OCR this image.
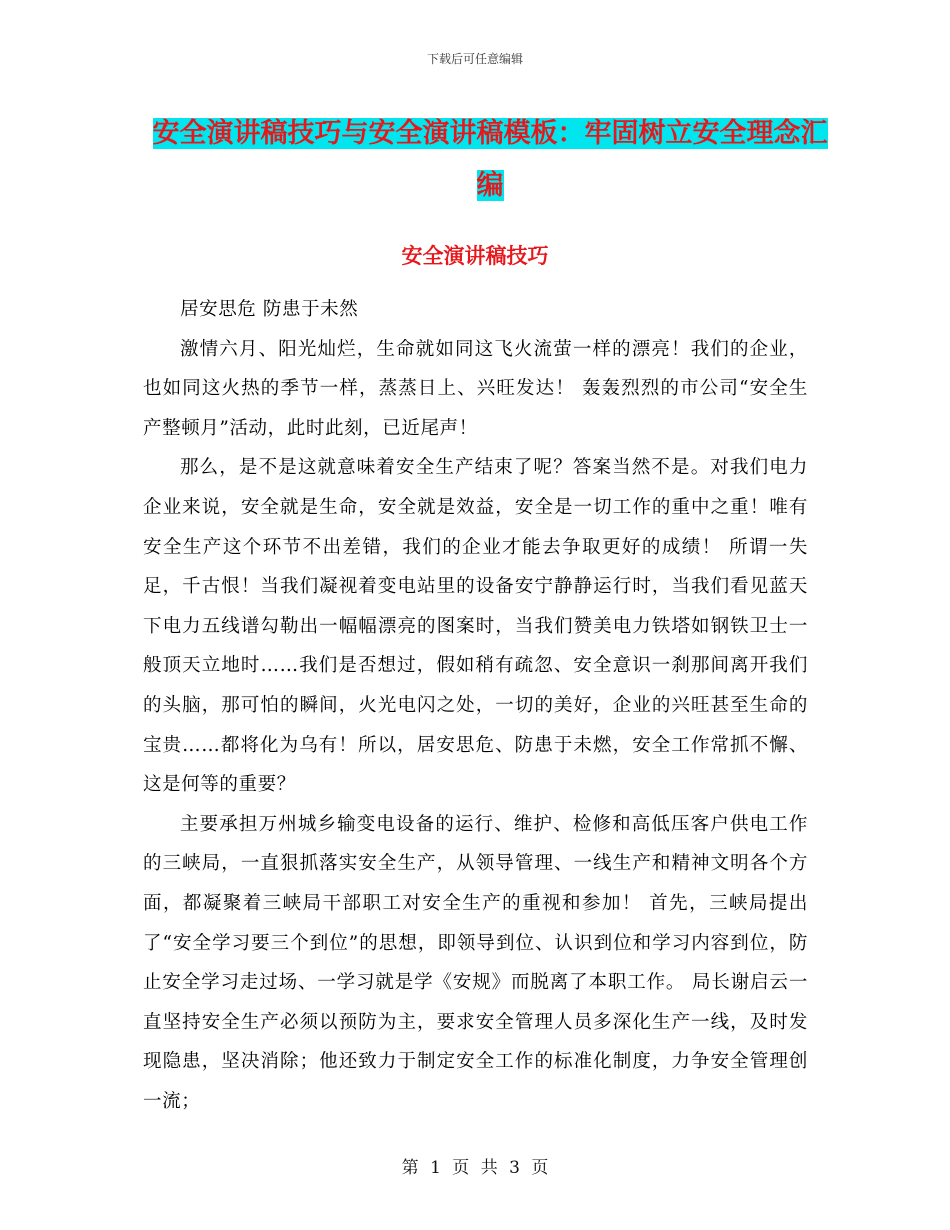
下载后可任意编辑
安全演讲稿技巧与安全演讲稿模板：牢固树立安全理念汇编
安全演讲稿技巧

居安思危 防患于未然

激情六月、阳光灿烂，生命就如同这飞火流萤一样的漂亮！我们的企业，也如同这火热的季节一样，蒸蒸日上、兴旺发达！ 轰轰烈烈的市公司“安全生产整顿月”活动，此时此刻，已近尾声！

那么，是不是这就意味着安全生产结束了呢？答案当然不是。对我们电力企业来说，安全就是生命，安全就是效益，安全是一切工作的重中之重！唯有安全生产这个环节不出差错，我们的企业才能去争取更好的成绩！ 所谓一失足，千古恨！当我们凝视着变电站里的设备安宁静静运行时，当我们看见蓝天下电力五线谱勾勒出一幅幅漂亮的图案时，当我们赞美电力铁塔如钢铁卫士一般顶天立地时……我们是否想过，假如稍有疏忽、安全意识一刹那间离开我们的头脑，那可怕的瞬间，火光电闪之处，一切的美好，企业的兴旺甚至生命的宝贵……都将化为乌有！所以，居安思危、防患于未燃，安全工作常抓不懈、这是何等的重要？

主要承担万州城乡输变电设备的运行、维护、检修和高低压客户供电工作的三峡局，一直狠抓落实安全生产，从领导管理、一线生产和精神文明各个方面，都凝聚着三峡局干部职工对安全生产的重视和参加！ 首先，三峡局提出了“安全学习要三个到位”的思想，即领导到位、认识到位和学习内容到位，防止安全学习走过场、一学习就是学《安规》而脱离了本职工作。 局长谢启云一直坚持安全生产必须以预防为主，要求安全管理人员多深化生产一线，及时发现隐患，坚决消除；他还致力于制定安全工作的标准化制度，力争安全管理创一流；

第 1 页 共 3 页
